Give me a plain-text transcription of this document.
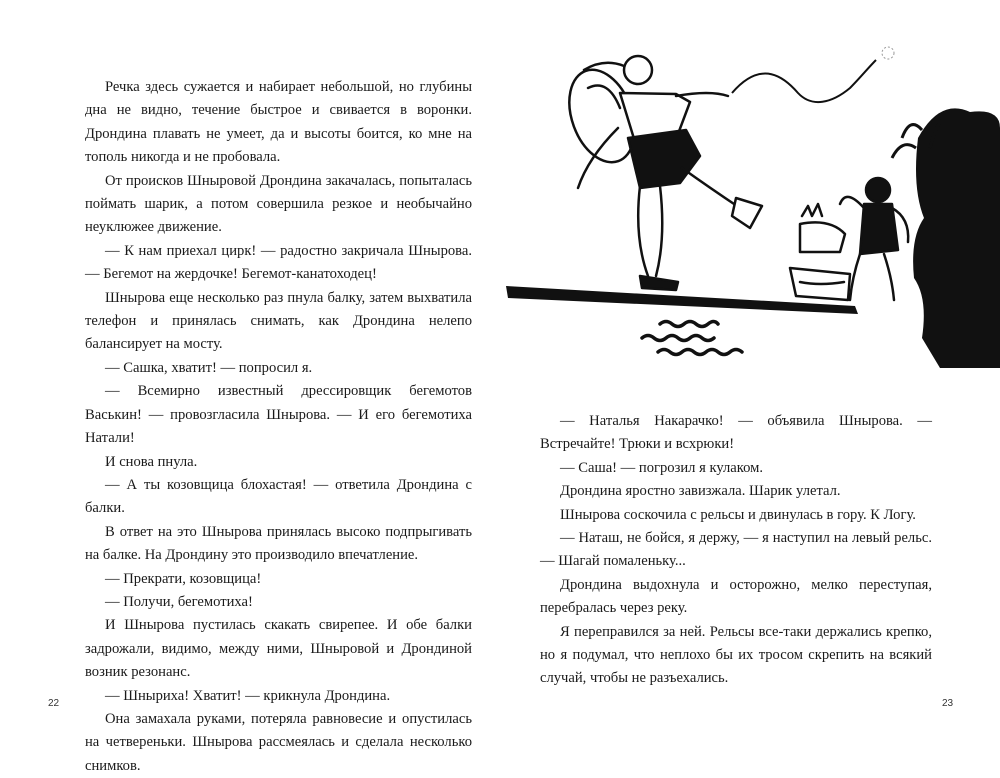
Речка здесь сужается и набирает небольшой, но глубины дна не видно, течение быстрое и свивается в воронки. Дрондина плавать не умеет, да и высоты боится, ко мне на тополь никогда и не пробовала.

От происков Шныровой Дрондина закачалась, попыталась поймать шарик, а потом совершила резкое и необычайно неуклюжее движение.

— К нам приехал цирк! — радостно закричала Шнырова. — Бегемот на жердочке! Бегемот-канатоходец!

Шнырова еще несколько раз пнула балку, затем выхватила телефон и принялась снимать, как Дрондина нелепо балансирует на мосту.

— Сашка, хватит! — попросил я.

— Всемирно известный дрессировщик бегемотов Васькин! — провозгласила Шнырова. — И его бегемотиха Натали!

И снова пнула.

— А ты козовщица блохастая! — ответила Дрондина с балки.

В ответ на это Шнырова принялась высоко подпрыгивать на балке. На Дрондину это производило впечатление.

— Прекрати, козовщица!

— Получи, бегемотиха!

И Шнырова пустилась скакать свирепее. И обе балки задрожали, видимо, между ними, Шныровой и Дрондиной возник резонанс.

— Шныриха! Хватит! — крикнула Дрондина.

Она замахала руками, потеряла равновесие и опустилась на четвереньки. Шнырова рассмеялась и сделала несколько снимков.

22

— Наталья Накарачко! — объявила Шнырова. — Встречайте! Трюки и всхрюки!

— Саша! — погрозил я кулаком.

Дрондина яростно завизжала. Шарик улетал.

Шнырова соскочила с рельсы и двинулась в гору. К Логу.

— Наташ, не бойся, я держу, — я наступил на левый рельс. — Шагай помаленьку...

Дрондина выдохнула и осторожно, мелко переступая, перебралась через реку.

Я переправился за ней. Рельсы все-таки держались крепко, но я подумал, что неплохо бы их тросом скрепить на всякий случай, чтобы не разъехались.

23
